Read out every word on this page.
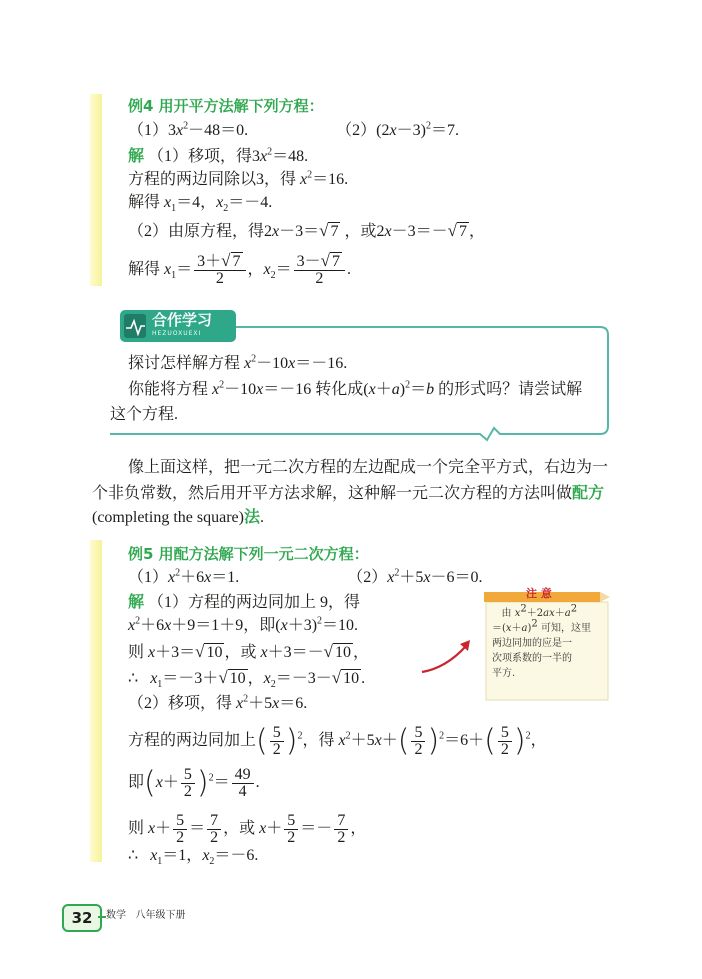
例4 用开平方法解下列方程：
$(1)3x^2-48=0$.	$(2)(2x-3)^2=7$.
解 （1）移项，得$3x^2=48$.
方程的两边同除以3，得 $x^2=16$.
解得 $x_1=4$，$x_2=-4$.
（2）由原方程，得2x－3＝√ 7 ，或2x－3＝－√ 7 ，
解得 $x_1= \frac{3+√ 7}{2}$ ，$x_2= \frac{3-√ 7}{2}$ .
合作学习
HEZUOXUEXI
探讨怎样解方程 $x^2-10x=-16$.
你能将方程 $x^2-10x=-16$ 转化成$(x+a)^2=b$ 的形式吗？请尝试解
这个方程.
像上面这样，把一元二次方程的左边配成一个完全平方式，右边为一
个非负常数，然后用开平方法求解，这种解一元二次方程的方法叫做配方
(completing the square)法.
例5 用配方法解下列一元二次方程：
$(1)x^2+6x=1$.	$(2)x^2+5x-6=0$.
解 （1）方程的两边同加上 9，得
$x^2+6x+9=1+9$，即$(x+3)^2=10$.
则 x＋3＝√ 10 ，或 x＋3＝－√ 10 ，
∴ $x_1=-3+√$ 10 ，$x_2=-3-√$ 10 .
（2）移项，得 $x^2+5x=6$.
方程的两边同加上( $\frac{5}{2} )^2$，得 $x^2+5x+( \frac{5}{2} )^2=6+( \frac{5}{2} )^2$，
即$(x+ \frac{5}{2} )^2= \frac{49}{4}$ .
则 $x+ \frac{5}{2} = \frac{7}{2}$ ，或 $x+ \frac{5}{2} =- \frac{7}{2}$ ，
∴ $x_1=1$，$x_2=-6$.
注 意
由 $x^2+2ax+a^2$
$=(x+a)^2$ 可知，这里
两边同加的应是一
次项系数的一半的
平方.
32	数学 八年级下册
